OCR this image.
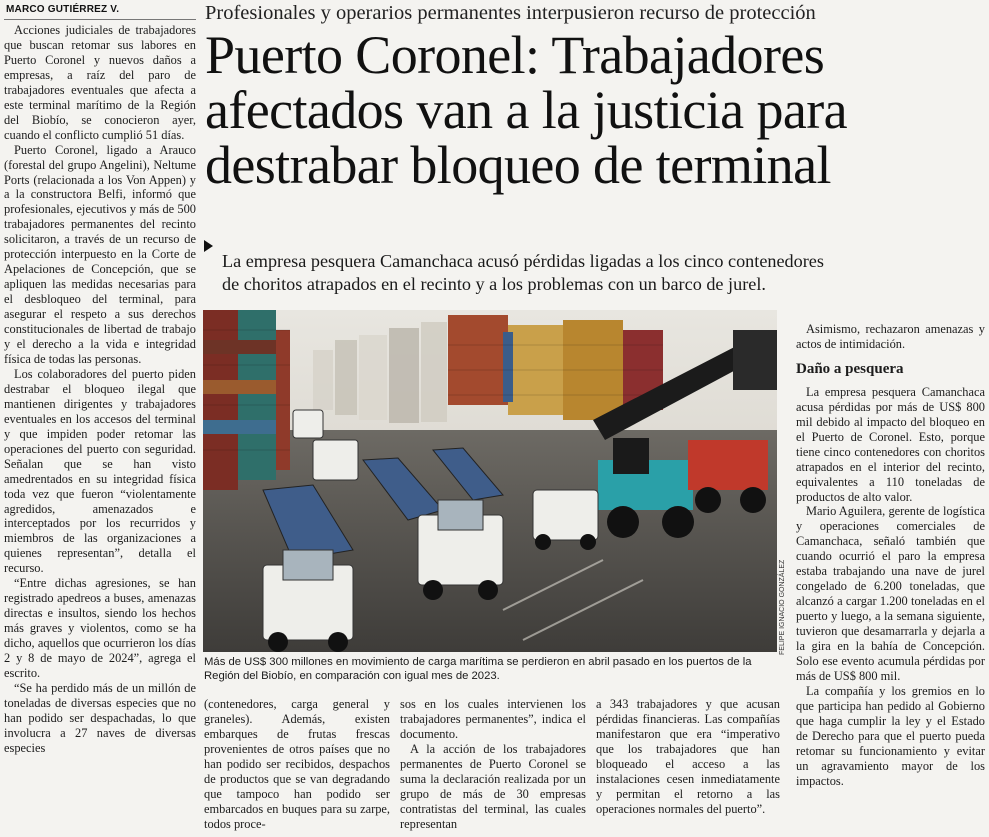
MARCO GUTIÉRREZ V.

Acciones judiciales de trabajadores que buscan retomar sus labores en Puerto Coronel y nuevos daños a empresas, a raíz del paro de trabajadores eventuales que afecta a este terminal marítimo de la Región del Biobío, se conocieron ayer, cuando el conflicto cumplió 51 días.

Puerto Coronel, ligado a Arauco (forestal del grupo Angelini), Neltume Ports (relacionada a los Von Appen) y a la constructora Belfi, informó que profesionales, ejecutivos y más de 500 trabajadores permanentes del recinto solicitaron, a través de un recurso de protección interpuesto en la Corte de Apelaciones de Concepción, que se apliquen las medidas necesarias para el desbloqueo del terminal, para asegurar el respeto a sus derechos constitucionales de libertad de trabajo y el derecho a la vida e integridad física de todas las personas.

Los colaboradores del puerto piden destrabar el bloqueo ilegal que mantienen dirigentes y trabajadores eventuales en los accesos del terminal y que impiden poder retomar las operaciones del puerto con seguridad. Señalan que se han visto amedrentados en su integridad física toda vez que fueron “violentamente agredidos, amenazados e interceptados por los recurridos y miembros de las organizaciones a quienes representan”, detalla el recurso.

“Entre dichas agresiones, se han registrado apedreos a buses, amenazas directas e insultos, siendo los hechos más graves y violentos, como se ha dicho, aquellos que ocurrieron los días 2 y 8 de mayo de 2024”, agrega el escrito.

“Se ha perdido más de un millón de toneladas de diversas especies que no han podido ser despachadas, lo que involucra a 27 naves de diversas especies

Profesionales y operarios permanentes interpusieron recurso de protección
Puerto Coronel: Trabajadores
afectados van a la justicia para
destrabar bloqueo de terminal
La empresa pesquera Camanchaca acusó pérdidas ligadas a los cinco contenedores
de choritos atrapados en el recinto y a los problemas con un barco de jurel.
FELIPE IGNACIO GONZÁLEZ
Más de US$ 300 millones en movimiento de carga marítima se perdieron en abril pasado en los puertos de la Región del Biobío, en comparación con igual mes de 2023.

(contenedores, carga general y graneles). Además, existen embarques de frutas frescas provenientes de otros países que no han podido ser recibidos, despachos de productos que se van degradando que tampoco han podido ser embarcados en buques para su zarpe, todos proce-

sos en los cuales intervienen los trabajadores permanentes”, indica el documento.

A la acción de los trabajadores permanentes de Puerto Coronel se suma la declaración realizada por un grupo de más de 30 empresas contratistas del terminal, las cuales representan

a 343 trabajadores y que acusan pérdidas financieras. Las compañías manifestaron que era “imperativo que los trabajadores que han bloqueado el acceso a las instalaciones cesen inmediatamente y permitan el retorno a las operaciones normales del puerto”.

Asimismo, rechazaron amenazas y actos de intimidación.

Daño a pesquera

La empresa pesquera Camanchaca acusa pérdidas por más de US$ 800 mil debido al impacto del bloqueo en el Puerto de Coronel. Esto, porque tiene cinco contenedores con choritos atrapados en el interior del recinto, equivalentes a 110 toneladas de productos de alto valor.

Mario Aguilera, gerente de logística y operaciones comerciales de Camanchaca, señaló también que cuando ocurrió el paro la empresa estaba trabajando una nave de jurel congelado de 6.200 toneladas, que alcanzó a cargar 1.200 toneladas en el puerto y luego, a la semana siguiente, tuvieron que desamarrarla y dejarla a la gira en la bahía de Concepción. Solo ese evento acumula pérdidas por más de US$ 800 mil.

La compañía y los gremios en lo que participa han pedido al Gobierno que haga cumplir la ley y el Estado de Derecho para que el puerto pueda retomar su funcionamiento y evitar un agravamiento mayor de los impactos.
